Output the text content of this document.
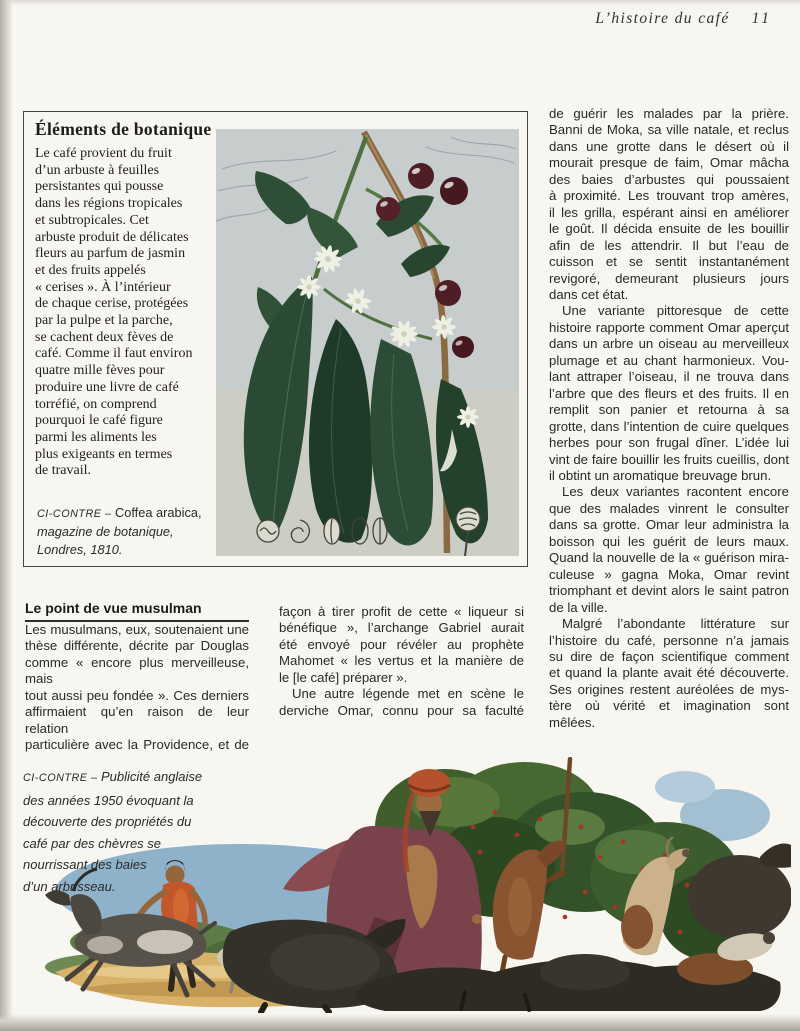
L’histoire du café 11
de guérir les malades par la prière.
Banni de Moka, sa ville natale, et reclus
dans une grotte dans le désert où il
mourait presque de faim, Omar mâcha
des baies d’arbustes qui poussaient
à proximité. Les trouvant trop amères,
il les grilla, espérant ainsi en améliorer
le goût. Il décida ensuite de les bouillir
afin de les attendrir. Il but l’eau de
cuisson et se sentit instantanément
revigoré, demeurant plusieurs jours
dans cet état.
Une variante pittoresque de cette
histoire rapporte comment Omar aperçut
dans un arbre un oiseau au merveilleux
plumage et au chant harmonieux. Vou-
lant attraper l’oiseau, il ne trouva dans
l’arbre que des fleurs et des fruits. Il en
remplit son panier et retourna à sa
grotte, dans l’intention de cuire quelques
herbes pour son frugal dîner. L’idée lui
vint de faire bouillir les fruits cueillis, dont
il obtint un aromatique breuvage brun.
Les deux variantes racontent encore
que des malades vinrent le consulter
dans sa grotte. Omar leur administra la
boisson qui les guérit de leurs maux.
Quand la nouvelle de la « guérison mira-
culeuse » gagna Moka, Omar revint
triomphant et devint alors le saint patron
de la ville.
Malgré l’abondante littérature sur
l’histoire du café, personne n’a jamais
su dire de façon scientifique comment
et quand la plante avait été découverte.
Ses origines restent auréolées de mys-
tère où vérité et imagination sont mêlées.
Éléments de botanique
Le café provient du fruit
d’un arbuste à feuilles
persistantes qui pousse
dans les régions tropicales
et subtropicales. Cet
arbuste produit de délicates
fleurs au parfum de jasmin
et des fruits appelés
« cerises ». À l’intérieur
de chaque cerise, protégées
par la pulpe et la parche,
se cachent deux fèves de
café. Comme il faut environ
quatre mille fèves pour
produire une livre de café
torréfié, on comprend
pourquoi le café figure
parmi les aliments les
plus exigeants en termes
de travail.
CI-CONTRE – Coffea arabica,
magazine de botanique,
Londres, 1810.
Le point de vue musulman
Les musulmans, eux, soutenaient une
thèse différente, décrite par Douglas
comme « encore plus merveilleuse, mais
tout aussi peu fondée ». Ces derniers
affirmaient qu’en raison de leur relation
particulière avec la Providence, et de
façon à tirer profit de cette « liqueur si
bénéfique », l’archange Gabriel aurait
été envoyé pour révéler au prophète
Mahomet « les vertus et la manière de
le [le café] préparer ».
Une autre légende met en scène le
derviche Omar, connu pour sa faculté
CI-CONTRE – Publicité anglaise
des années 1950 évoquant la
découverte des propriétés du
café par des chèvres se
nourrissant des baies
d’un arbrisseau.
